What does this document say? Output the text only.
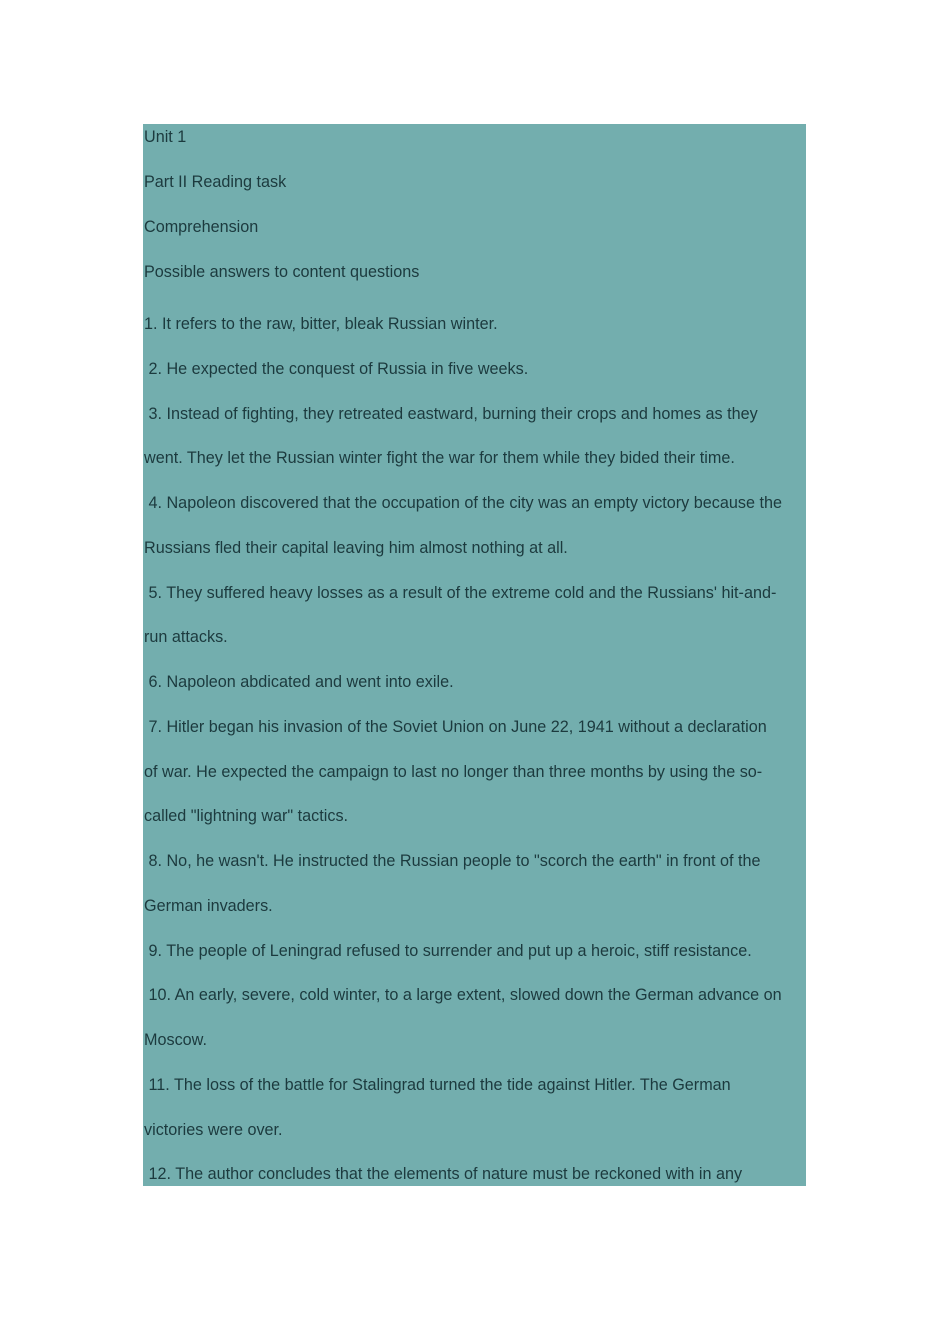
Unit 1

Part II Reading task

Comprehension

Possible answers to content questions

1. It refers to the raw, bitter, bleak Russian winter.

2. He expected the conquest of Russia in five weeks.

3. Instead of fighting, they retreated eastward, burning their crops and homes as they

went. They let the Russian winter fight the war for them while they bided their time.

4. Napoleon discovered that the occupation of the city was an empty victory because the

Russians fled their capital leaving him almost nothing at all.

5. They suffered heavy losses as a result of the extreme cold and the Russians' hit-and-

run attacks.

6. Napoleon abdicated and went into exile.

7. Hitler began his invasion of the Soviet Union on June 22, 1941 without a declaration

of war. He expected the campaign to last no longer than three months by using the so-

called "lightning war" tactics.

8. No, he wasn't. He instructed the Russian people to "scorch the earth" in front of the

German invaders.

9. The people of Leningrad refused to surrender and put up a heroic, stiff resistance.

10. An early, severe, cold winter, to a large extent, slowed down the German advance on

Moscow.

11. The loss of the battle for Stalingrad turned the tide against Hitler. The German

victories were over.

12. The author concludes that the elements of nature must be reckoned with in any
